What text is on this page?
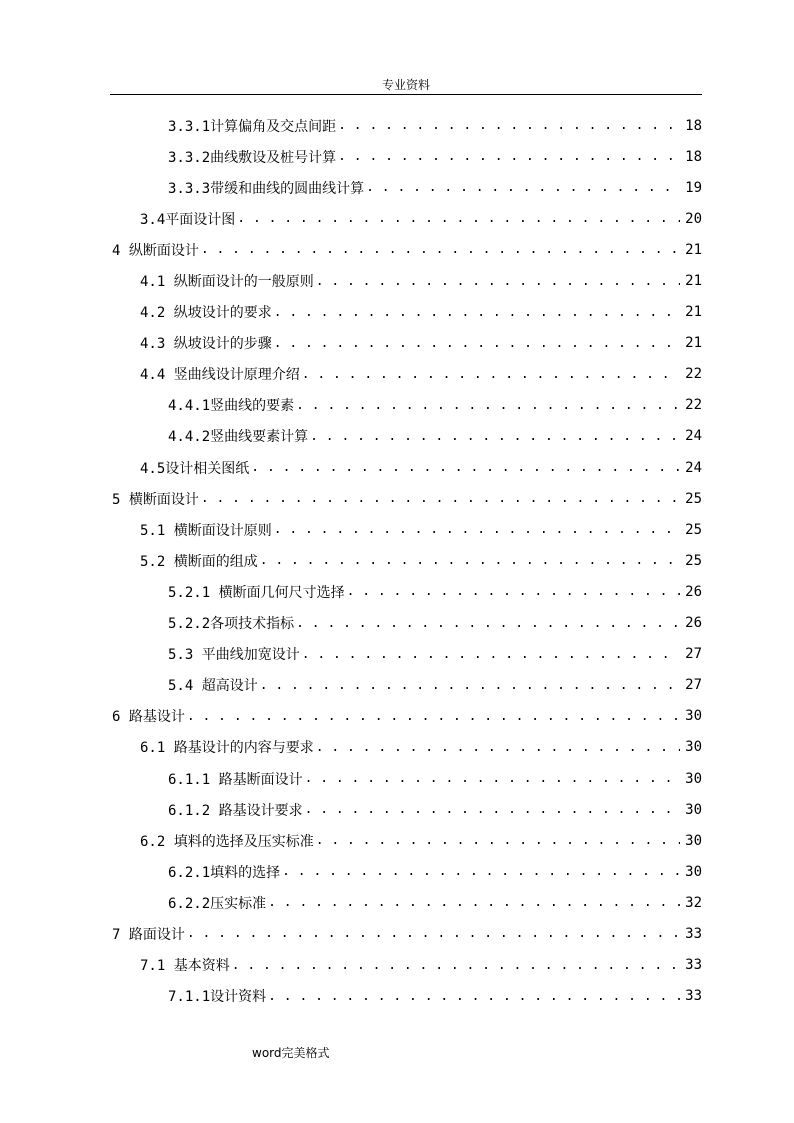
专业资料
3.3.1计算偏角及交点间距 . . .	18
3.3.2曲线敷设及桩号计算 . . .	18
3.3.3带缓和曲线的圆曲线计算 . . .	19
3.4平面设计图 . . .	20
4 纵断面设计 . . .	21
4.1 纵断面设计的一般原则 . . .	21
4.2 纵坡设计的要求 . . .	21
4.3 纵坡设计的步骤 . . .	21
4.4 竖曲线设计原理介绍 . . .	22
4.4.1竖曲线的要素 . . .	22
4.4.2竖曲线要素计算 . . .	24
4.5设计相关图纸 . . .	24
5 横断面设计 . . .	25
5.1 横断面设计原则 . . .	25
5.2 横断面的组成 . . .	25
5.2.1 横断面几何尺寸选择 . . .	26
5.2.2各项技术指标 . . .	26
5.3 平曲线加宽设计 . . .	27
5.4 超高设计 . . .	27
6 路基设计 . . .	30
6.1 路基设计的内容与要求 . . .	30
6.1.1 路基断面设计 . . .	30
6.1.2 路基设计要求 . . .	30
6.2 填料的选择及压实标准 . . .	30
6.2.1填料的选择 . . .	30
6.2.2压实标准 . . .	32
7 路面设计 . . .	33
7.1 基本资料 . . .	33
7.1.1设计资料 . . .	33
word完美格式
